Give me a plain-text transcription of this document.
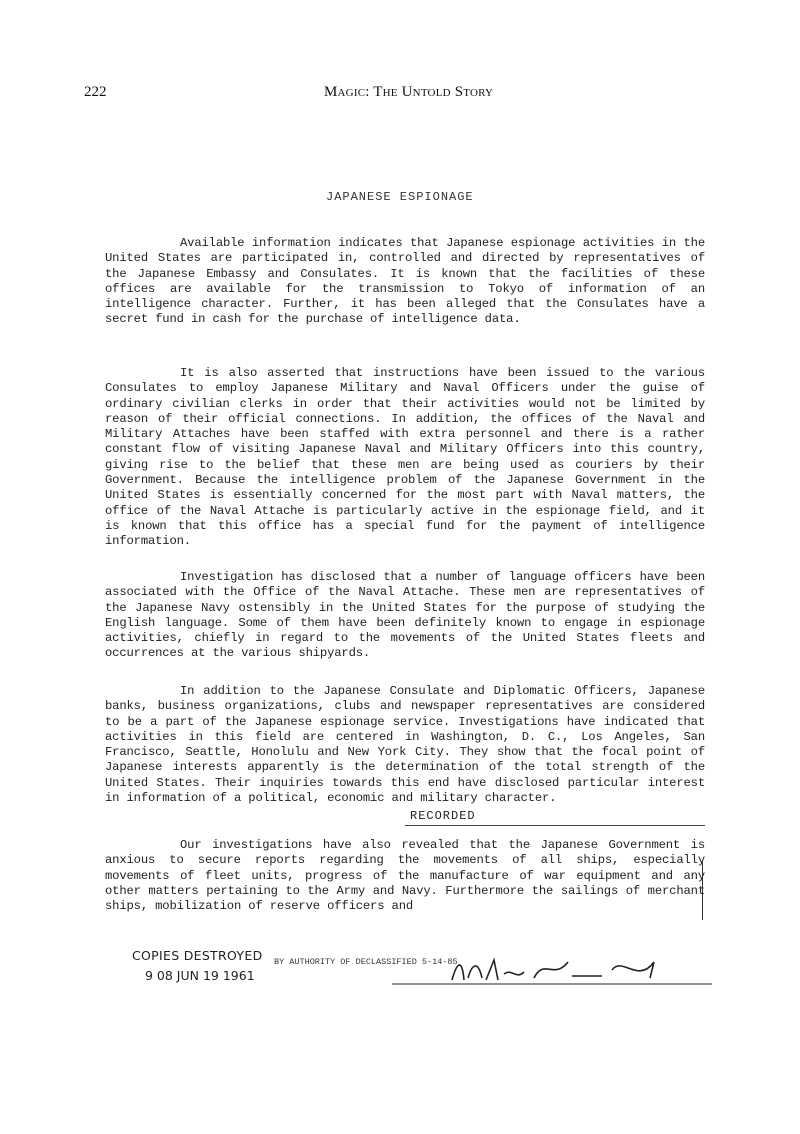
222	Magic: The Untold Story
JAPANESE ESPIONAGE

Available information indicates that Japanese espionage activities in the United States are participated in, controlled and directed by representatives of the Japanese Embassy and Consulates. It is known that the facilities of these offices are available for the transmission to Tokyo of information of an intelligence character. Further, it has been alleged that the Consulates have a secret fund in cash for the purchase of intelligence data.

It is also asserted that instructions have been issued to the various Consulates to employ Japanese Military and Naval Officers under the guise of ordinary civilian clerks in order that their activities would not be limited by reason of their official connections. In addition, the offices of the Naval and Military Attaches have been staffed with extra personnel and there is a rather constant flow of visiting Japanese Naval and Military Officers into this country, giving rise to the belief that these men are being used as couriers by their Government. Because the intelligence problem of the Japanese Government in the United States is essentially concerned for the most part with Naval matters, the office of the Naval Attache is particularly active in the espionage field, and it is known that this office has a special fund for the payment of intelligence information.

Investigation has disclosed that a number of language officers have been associated with the Office of the Naval Attache. These men are representatives of the Japanese Navy ostensibly in the United States for the purpose of studying the English language. Some of them have been definitely known to engage in espionage activities, chiefly in regard to the movements of the United States fleets and occurrences at the various shipyards.

In addition to the Japanese Consulate and Diplomatic Officers, Japanese banks, business organizations, clubs and newspaper representatives are considered to be a part of the Japanese espionage service. Investigations have indicated that activities in this field are centered in Washington, D. C., Los Angeles, San Francisco, Seattle, Honolulu and New York City. They show that the focal point of Japanese interests apparently is the determination of the total strength of the United States. Their inquiries towards this end have disclosed particular interest in information of a political, economic and military character.

RECORDED

Our investigations have also revealed that the Japanese Government is anxious to secure reports regarding the movements of all ships, especially movements of fleet units, progress of the manufacture of war equipment and any other matters pertaining to the Army and Navy. Furthermore the sailings of merchant ships, mobilization of reserve officers and

COPIES DESTROYED
9 08 JUN 19 1961
BY AUTHORITY OF DECLASSIFIED 5-14-85
